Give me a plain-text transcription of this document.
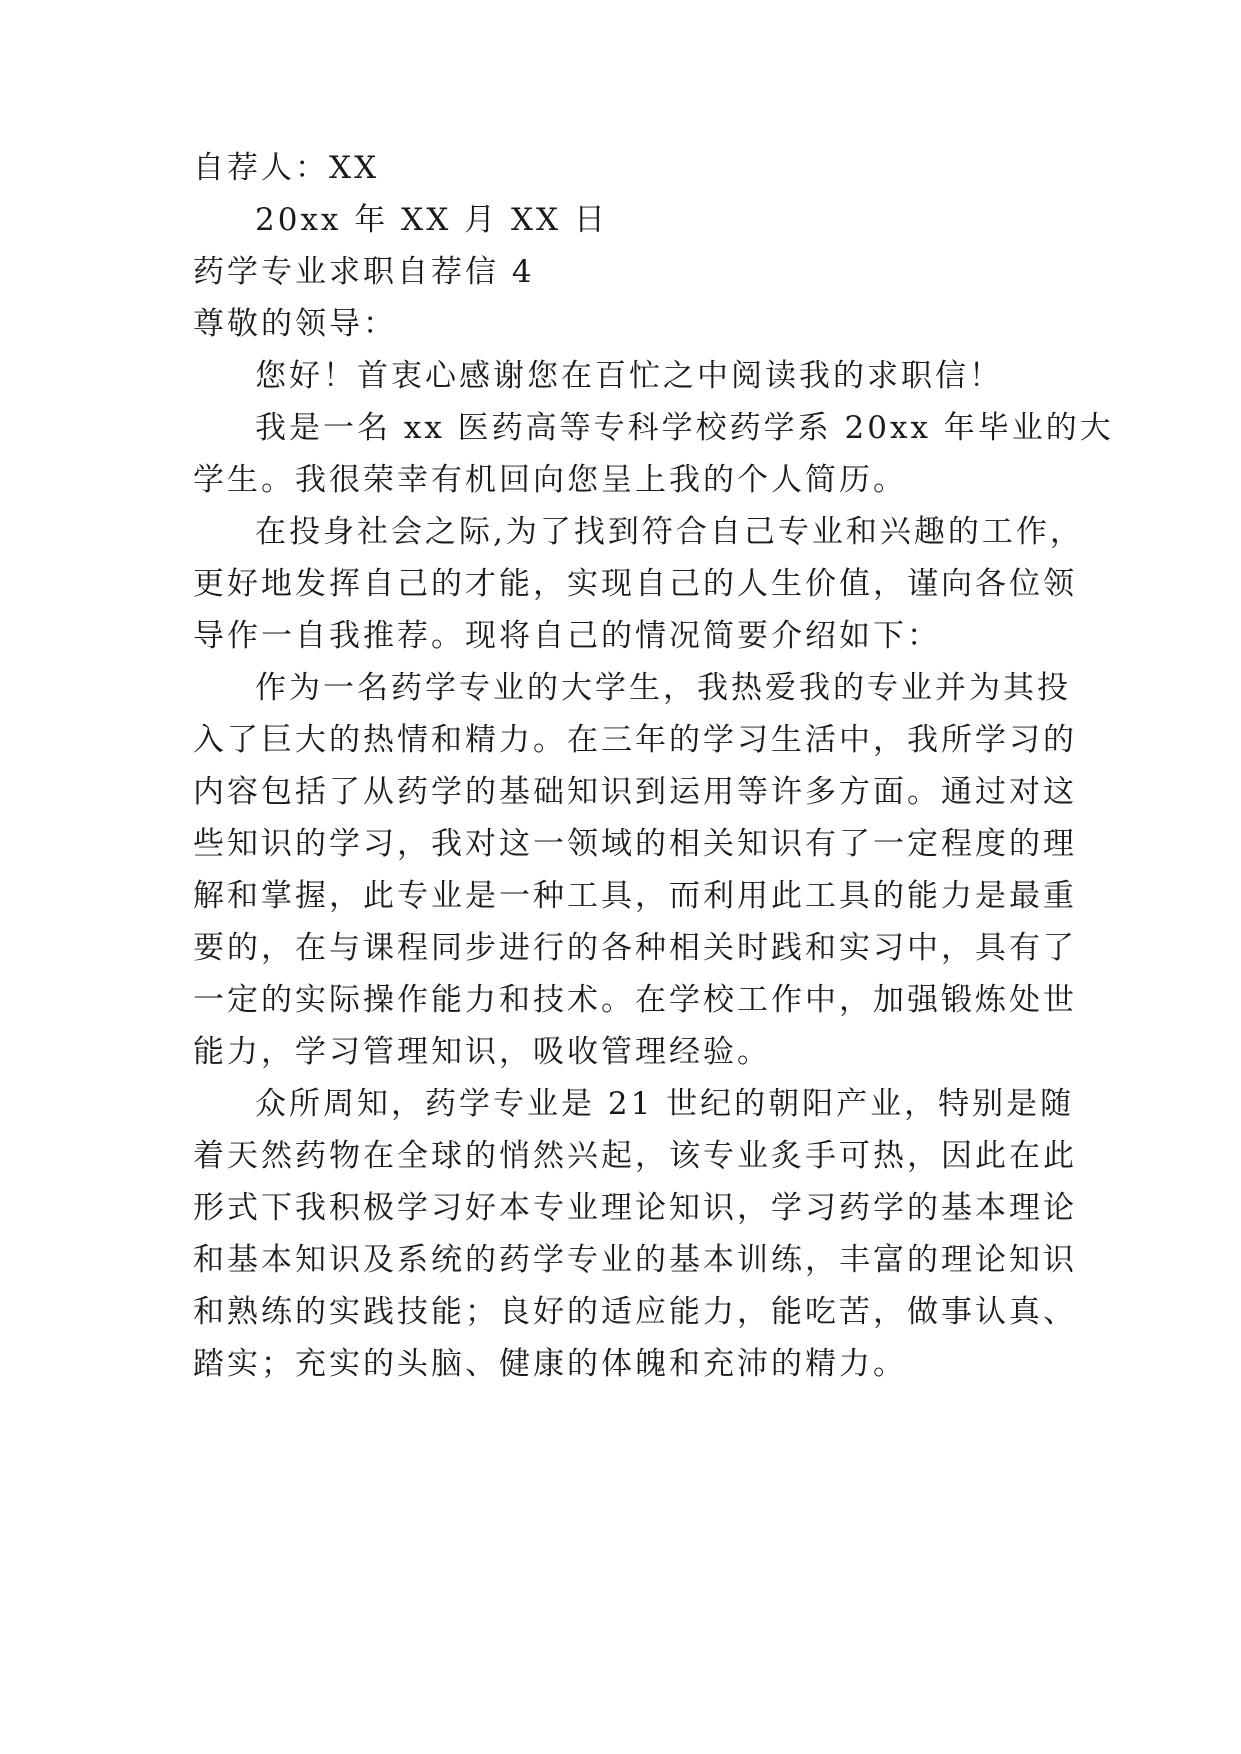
自荐人：XX
20xx 年 XX 月 XX 日
药学专业求职自荐信 4
尊敬的领导：
您好！首衷心感谢您在百忙之中阅读我的求职信！
我是一名 xx 医药高等专科学校药学系 20xx 年毕业的大
学生。我很荣幸有机回向您呈上我的个人简历。
在投身社会之际,为了找到符合自己专业和兴趣的工作，
更好地发挥自己的才能，实现自己的人生价值，谨向各位领
导作一自我推荐。现将自己的情况简要介绍如下：
作为一名药学专业的大学生，我热爱我的专业并为其投
入了巨大的热情和精力。在三年的学习生活中，我所学习的
内容包括了从药学的基础知识到运用等许多方面。通过对这
些知识的学习，我对这一领域的相关知识有了一定程度的理
解和掌握，此专业是一种工具，而利用此工具的能力是最重
要的，在与课程同步进行的各种相关时践和实习中，具有了
一定的实际操作能力和技术。在学校工作中，加强锻炼处世
能力，学习管理知识，吸收管理经验。
众所周知，药学专业是 21 世纪的朝阳产业，特别是随
着天然药物在全球的悄然兴起，该专业炙手可热，因此在此
形式下我积极学习好本专业理论知识，学习药学的基本理论
和基本知识及系统的药学专业的基本训练，丰富的理论知识
和熟练的实践技能；良好的适应能力，能吃苦，做事认真、
踏实；充实的头脑、健康的体魄和充沛的精力。
